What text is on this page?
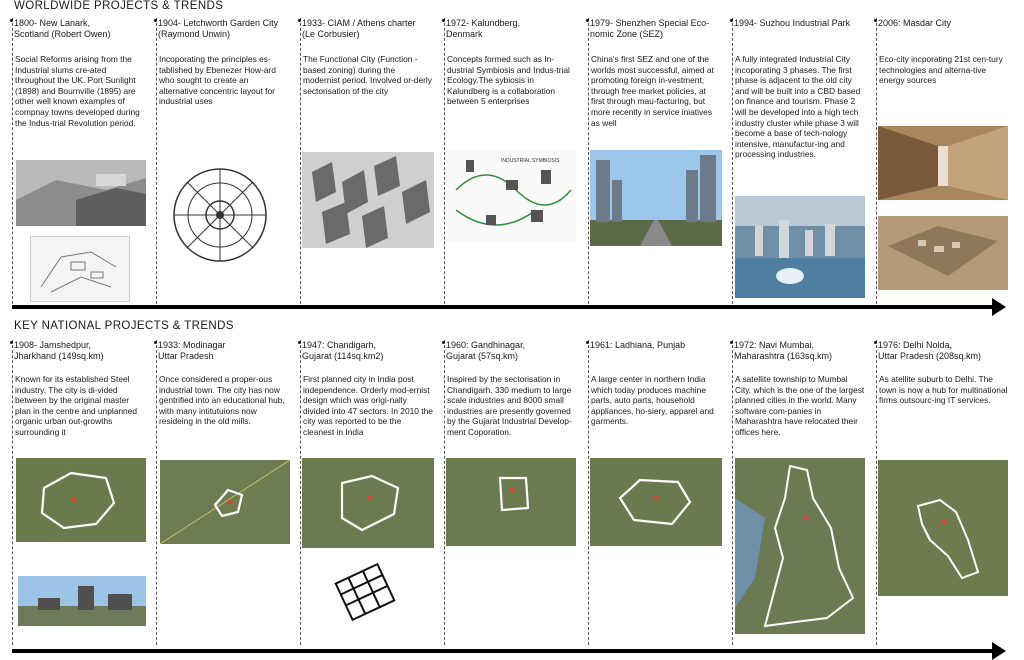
WORLDWIDE PROJECTS & TRENDS
1800- New Lanark,
Scotland (Robert Owen)
Social Reforms arising from the Industrial slums cre-ated throughout the UK. Port Sunlight (1898) and Bournville (1895) are other well known examples of compnay towns developed during the Indus-trial Revolution period.
1904- Letchworth Garden City
(Raymond Unwin)
Incoporating the principles es-tablished by Ebenezer How-ard who sought to create an alternative concentric layout for industrial uses
1933- CIAM / Athens charter
(Le Corbusier)
The Functional City (Function - based zoning) during the modernist period. Involved or-derly sectorisation of the city
1972- Kalundberg,
Denmark
Concepts formed such as In-dustrial Symbiosis and Indus-trial Ecology.The sybiosis in Kalundberg is a collaboration between 5 enterprises
1979- Shenzhen Special Eco-
nomic Zone (SEZ)
China's first SEZ and one of the worlds most successful, aimed at promoting foreign in-vestment, through free market policies, at first through mau-facturing, but more recently in service iniatives as well
1994- Suzhou Industrial Park
A fully integrated Industrial City incoporating 3 phases. The first phase is adjacent to the old city and will be built into a CBD based on finance and tourism. Phase 2 will be developed into a high tech industry cluster while phase 3 will become a base of tech-nology intensive, manufactur-ing and processing industries.
2006: Masdar City
Eco-city incporating 21st cen-tury technologies and alterna-tive energy sources
KEY NATIONAL PROJECTS & TRENDS
1908- Jamshedpur,
Jharkhand (149sq.km)
Known for its established Steel industry. The city is di-vided between by the original master plan in the centre and unplanned organic urban out-growths surrounding it
1933: Modinagar
Uttar Pradesh
Once considered a proper-ous industrial town. The city has now gentrified into an educational hub, with many intitutuions now resideing in the old mills.
1947: Chandigarh,
Gujarat (114sq.km2)
First planned city in India post independence. Orderly mod-ernist design which was origi-nally divided into 47 sectors. In 2010 the city was reported to be the cleanest in India
1960: Gandhinagar,
Gujarat (57sq.km)
Inspired by the sectorisation in Chandigarh. 330 medium to large scale industries and 8000 small industries are presently governed by the Gujarat Industrial Develop-ment Coporation.
1961: Ladhiana, Punjab
A large center in northern India which today produces machine parts, auto parts, household appliances, ho-siery, apparel and garments.
1972: Navi Mumbai,
Maharashtra (163sq.km)
A satellite township to Mumbai City, which is the one of the largest planned cities in the world. Many software com-panies in Maharashtra have relocated their offices here.
1976: Delhi Noida,
Uttar Pradesh (208sq.km)
As atellite suburb to Delhi. The town is now a hub for multinational firms outsourc-ing IT services.
INDUSTRIAL SYMBIOSIS
